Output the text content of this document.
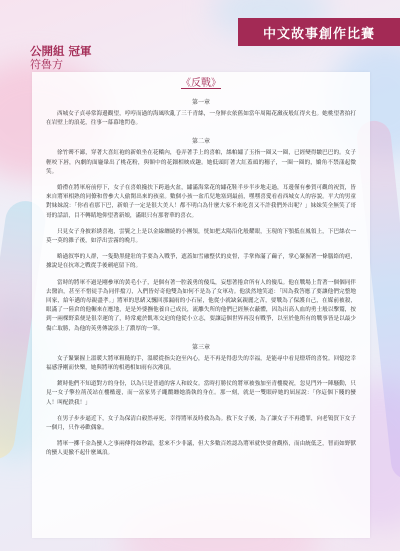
中文故事創作比賽
公開組 冠軍
符魯方
《反戰》
第一章

西城女子貞尋常海邊觀望，哼哼而過的海風吹亂了三千青絲，一身鮮衣依舊如當年周陽花瀲夜般紅得火也。她桃望著拍打在岩壁上的浪花，往事一幕幕地閃卷。

第二章

徐竹霽不鄙，穿著大喜紅袍的新娘坐在花轎內，卷弄著手上的喜帕，絲帕繡了玉指一圈又一圈，已經變得皺巴巴的。女子輕咬下唇，內劇的面龐暈出了桃花粉，與額中的花鈿相映成趣。她低頭盯著大紅蓋頭的穗子，一圈一圈的，嬌角不禁漾起微笑。

婚禮在將軍府前停下，女子在喜娘攙扶下跨過火盆，繡滿海棠花的繡花鞋半步半步地走過，耳邊僅有參賀可觀的祝賀，皆來自將軍相熟的同僚和曾參大人偷閑出來的孩童。數個小孩一盆爪兒地塞到最前，嘿嘿喜愛看看西城女人的容貌。平大的男童對妹妹說：「你看看那下巴，新娘子一定是很大美人！都不明白為什麼大家不來吃喜又不許我們外出呢？」妹妹笑全無笑了哥哥的話語，目不轉睛地仰望著新娘，滿眼只有那奢華的喜衣。

只見女子身披彩綉喜袍，雲鬢之上是以金線纏繞的小團領，恍如把太陽沿化般耀眼，玉現的下顎抵在鳳領上，下巴絲衣一莫一莫的雜子後，如浮出雲霧的晚月。

略過叙寧的人群，一隻勤黑健壯的手要為入戰爭，遮蓋如雪融整伏的皮督，手掌佈滿了繭子，掌心緊握著一條腦絡的疤，據說是在抗寒之戰從手後劍疤留下的。

當時的將軍不過是剛參軍的黃毛小子，是個有著一腔義勇的傻瓜，妄想著捲倉所有人的傻瓜。他在戰場上背著一個個同伴去醫治，甚至不惜徒手為同伴擋刀，入們皆好奇他雙為如何不是為了女軍功。他淡然地笑道：「因為我答應了要讓他們完整地回家，給年邁的母親盡孝。」將軍的思緒又飄回那漏雨的小石屋，他從小就缺氣親麗之苦，要戰為了保護自己，在媒前被殺，眼滿了一陸倉的他輾來在應地，是是外婆撫他養自己成長，流離失所的他們已經無衣蔽體，因為出高人血的勇士般以擊鷲，按到一兩棵野菜便是很幸運的了，時常處於飢寒交迫的他從小立志，要讓這個世界再沒有戰爭，以至於他所有的戰事皆是以最少傷亡取勝，為他的英勇傳說添上了濃厚的一筆。

第三章

女子緊緊握上溫暖大將軍粗糙的手，溫暖從指尖泡至內心，是不再是得患失的幸福，是能尋中看見燈塔的喜悅。回憶挖幸福感淨剛而快樂，她與將軍的相遇相如雨有次沸頂。

鍍時他們不知道對方的身份，以為只是普通的客人和絞女。當時打勝仗的將軍被強加至青樓慶祝，忽見門外一陣騷動，只見一女子擎拉荊茂站在樓檻邊，而一富家男子繩纜纏她淌執的身在。那一刻，就是一雙眼碎她的屆屈說：「你這個下賤的蠻人！叫配鉄我！」

在男子步步逼近下，女子為保清白毅然尋死，幸得將軍及時救為為。救下女子後，為了讓女子不再遭罪，向老鴇買下女子一個月，只作尋歡偶象。

將軍一擲千金為蠻人之事兩傳得如秒霜，惹來不少非議，但大多數百姓認為將軍就快要會觀格，而由統低乏，智而如野獸的蠻人更撤不起什麼風浪。
